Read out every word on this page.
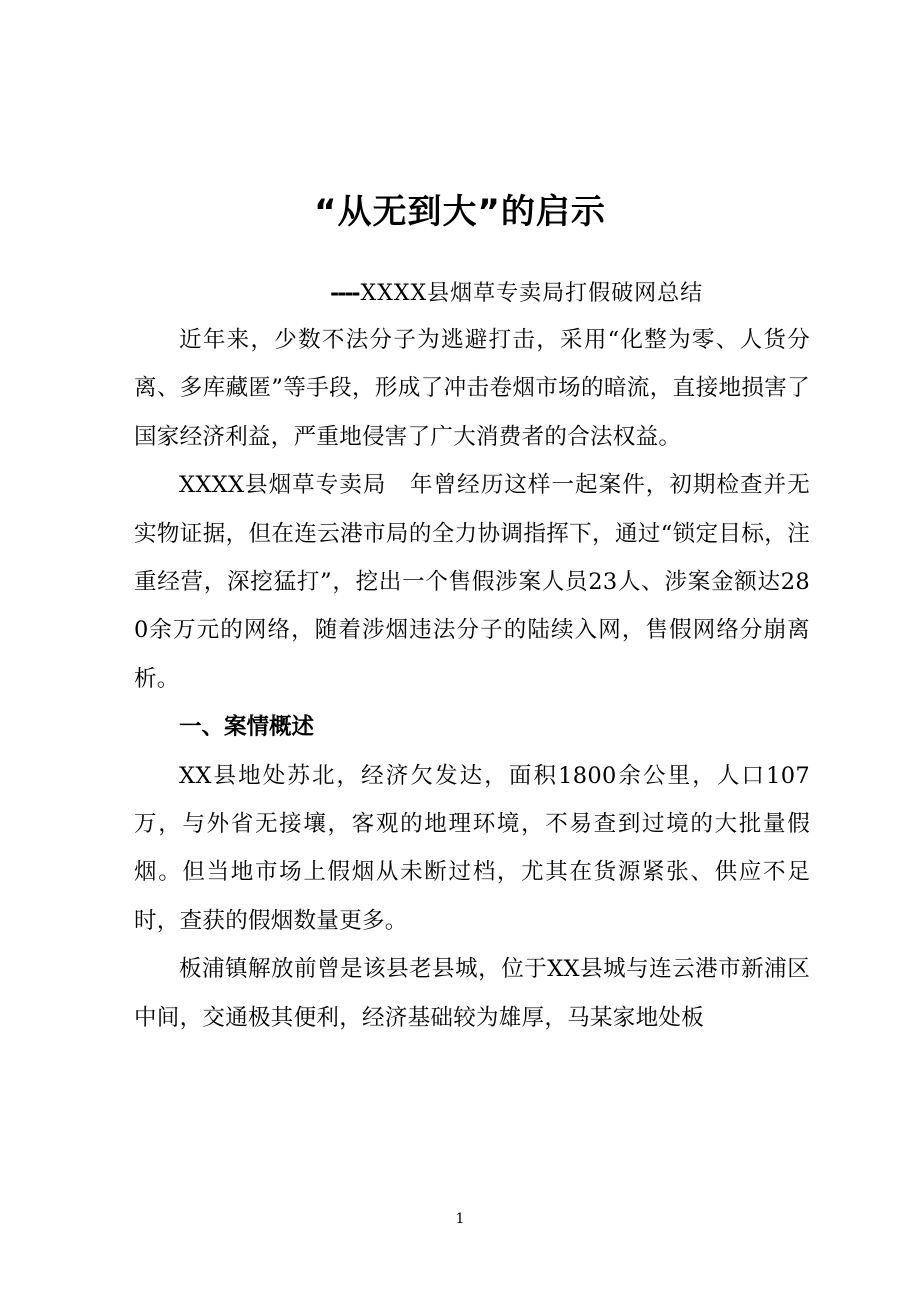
“从无到大”的启示
----XXXX县烟草专卖局打假破网总结

近年来，少数不法分子为逃避打击，采用“化整为零、人货分离、多库藏匿”等手段，形成了冲击卷烟市场的暗流，直接地损害了国家经济利益，严重地侵害了广大消费者的合法权益。

XXXX县烟草专卖局　年曾经历这样一起案件，初期检查并无实物证据，但在连云港市局的全力协调指挥下，通过“锁定目标，注重经营，深挖猛打”，挖出一个售假涉案人员23人、涉案金额达280余万元的网络，随着涉烟违法分子的陆续入网，售假网络分崩离析。

一、案情概述

XX县地处苏北，经济欠发达，面积1800余公里，人口107万，与外省无接壤，客观的地理环境，不易查到过境的大批量假烟。但当地市场上假烟从未断过档，尤其在货源紧张、供应不足时，查获的假烟数量更多。

板浦镇解放前曾是该县老县城，位于XX县城与连云港市新浦区中间，交通极其便利，经济基础较为雄厚，马某家地处板

1
